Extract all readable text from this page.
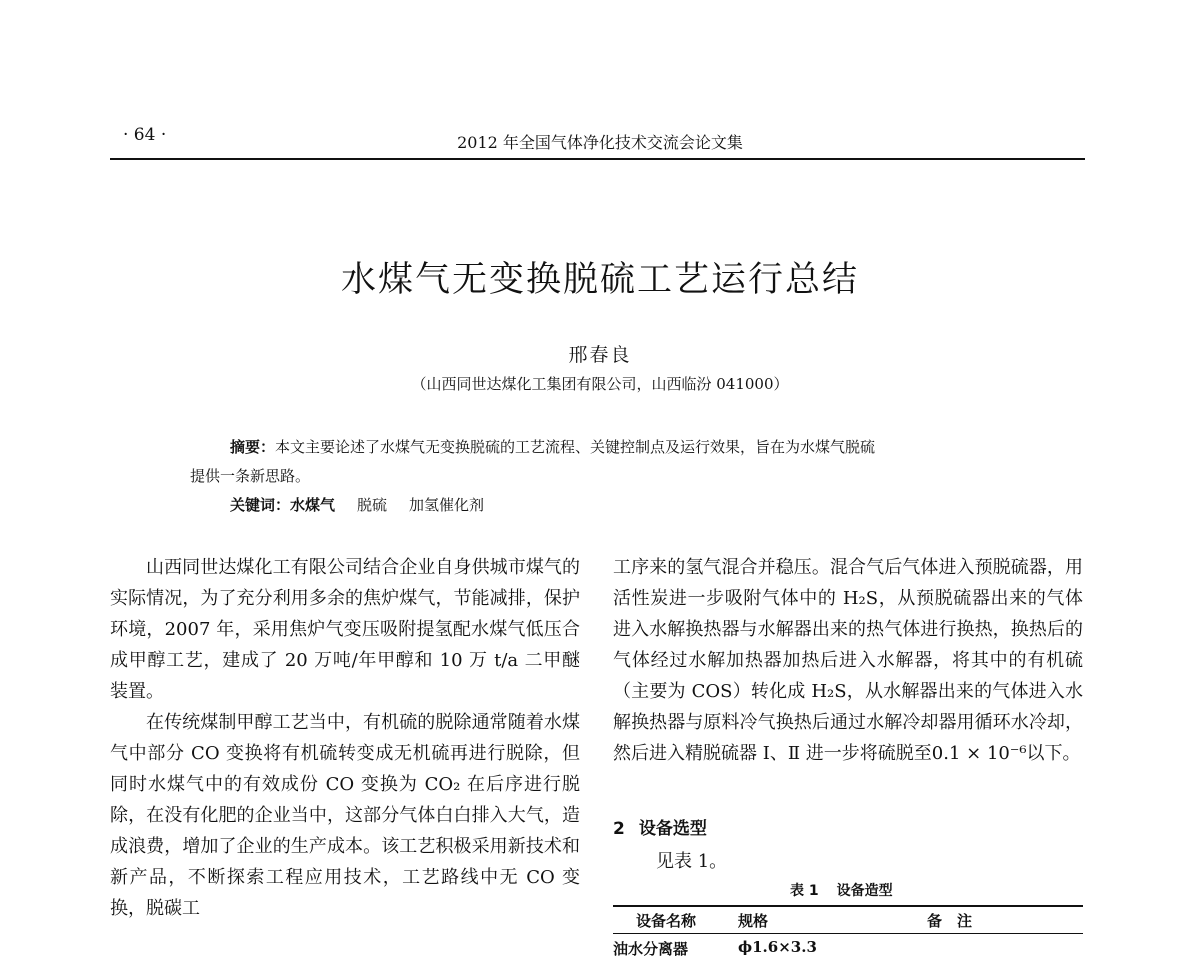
· 64 ·	2012 年全国气体净化技术交流会论文集
水煤气无变换脱硫工艺运行总结
邢春良
（山西同世达煤化工集团有限公司，山西临汾 041000）
摘要：本文主要论述了水煤气无变换脱硫的工艺流程、关键控制点及运行效果，旨在为水煤气脱硫
提供一条新思路。
关键词：水煤气 脱硫 加氢催化剂

山西同世达煤化工有限公司结合企业自身供城市煤气的实际情况，为了充分利用多余的焦炉煤气，节能减排，保护环境，2007 年，采用焦炉气变压吸附提氢配水煤气低压合成甲醇工艺，建成了 20 万吨/年甲醇和 10 万 t/a 二甲醚装置。

在传统煤制甲醇工艺当中，有机硫的脱除通常随着水煤气中部分 CO 变换将有机硫转变成无机硫再进行脱除，但同时水煤气中的有效成份 CO 变换为 CO₂ 在后序进行脱除，在没有化肥的企业当中，这部分气体白白排入大气，造成浪费，增加了企业的生产成本。该工艺积极采用新技术和新产品，不断探索工程应用技术，工艺路线中无 CO 变换，脱碳工

工序来的氢气混合并稳压。混合气后气体进入预脱硫器，用活性炭进一步吸附气体中的 H₂S，从预脱硫器出来的气体进入水解换热器与水解器出来的热气体进行换热，换热后的气体经过水解加热器加热后进入水解器，将其中的有机硫（主要为 COS）转化成 H₂S，从水解器出来的气体进入水解换热器与原料冷气换热后通过水解冷却器用循环水冷却，然后进入精脱硫器 Ⅰ、Ⅱ 进一步将硫脱至0.1 × 10⁻⁶以下。

2 设备选型
见表 1。
表 1 设备造型
设备名称	规格	备　注
油水分离器	ϕ1.6×3.3
